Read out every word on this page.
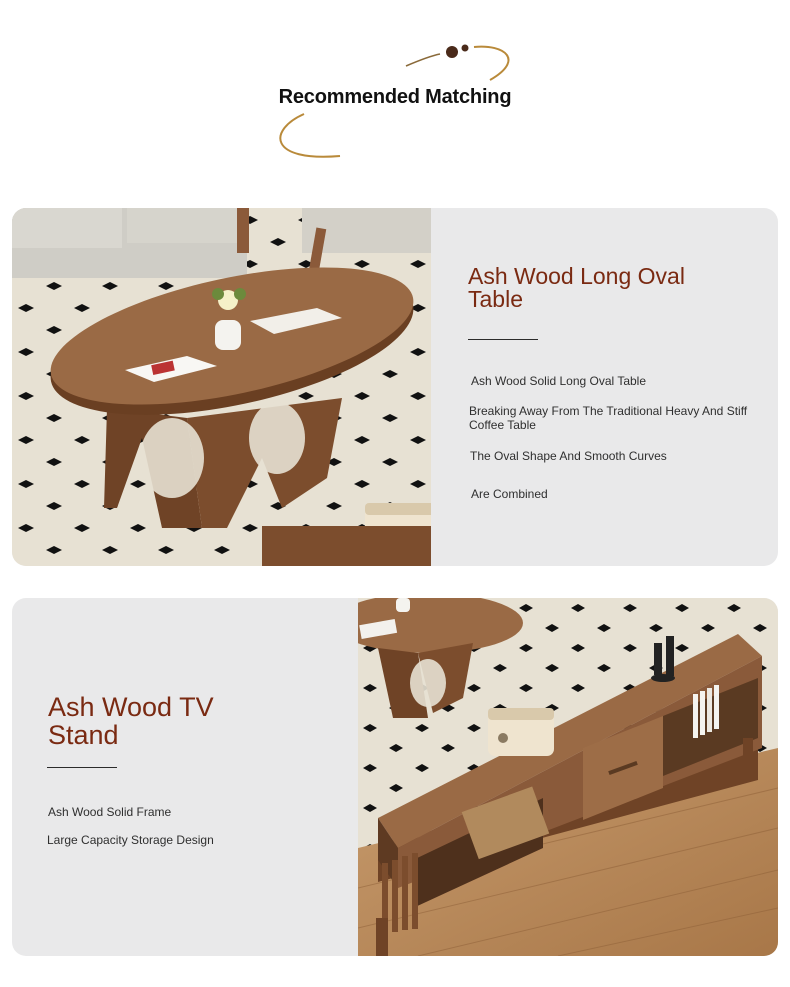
Recommended Matching
Ash Wood Long Oval Table
Ash Wood Solid Long Oval Table
Breaking Away From The Traditional Heavy And Stiff Coffee Table
The Oval Shape And Smooth Curves
Are Combined
Ash Wood TV Stand
Ash Wood Solid Frame
Large Capacity Storage Design
